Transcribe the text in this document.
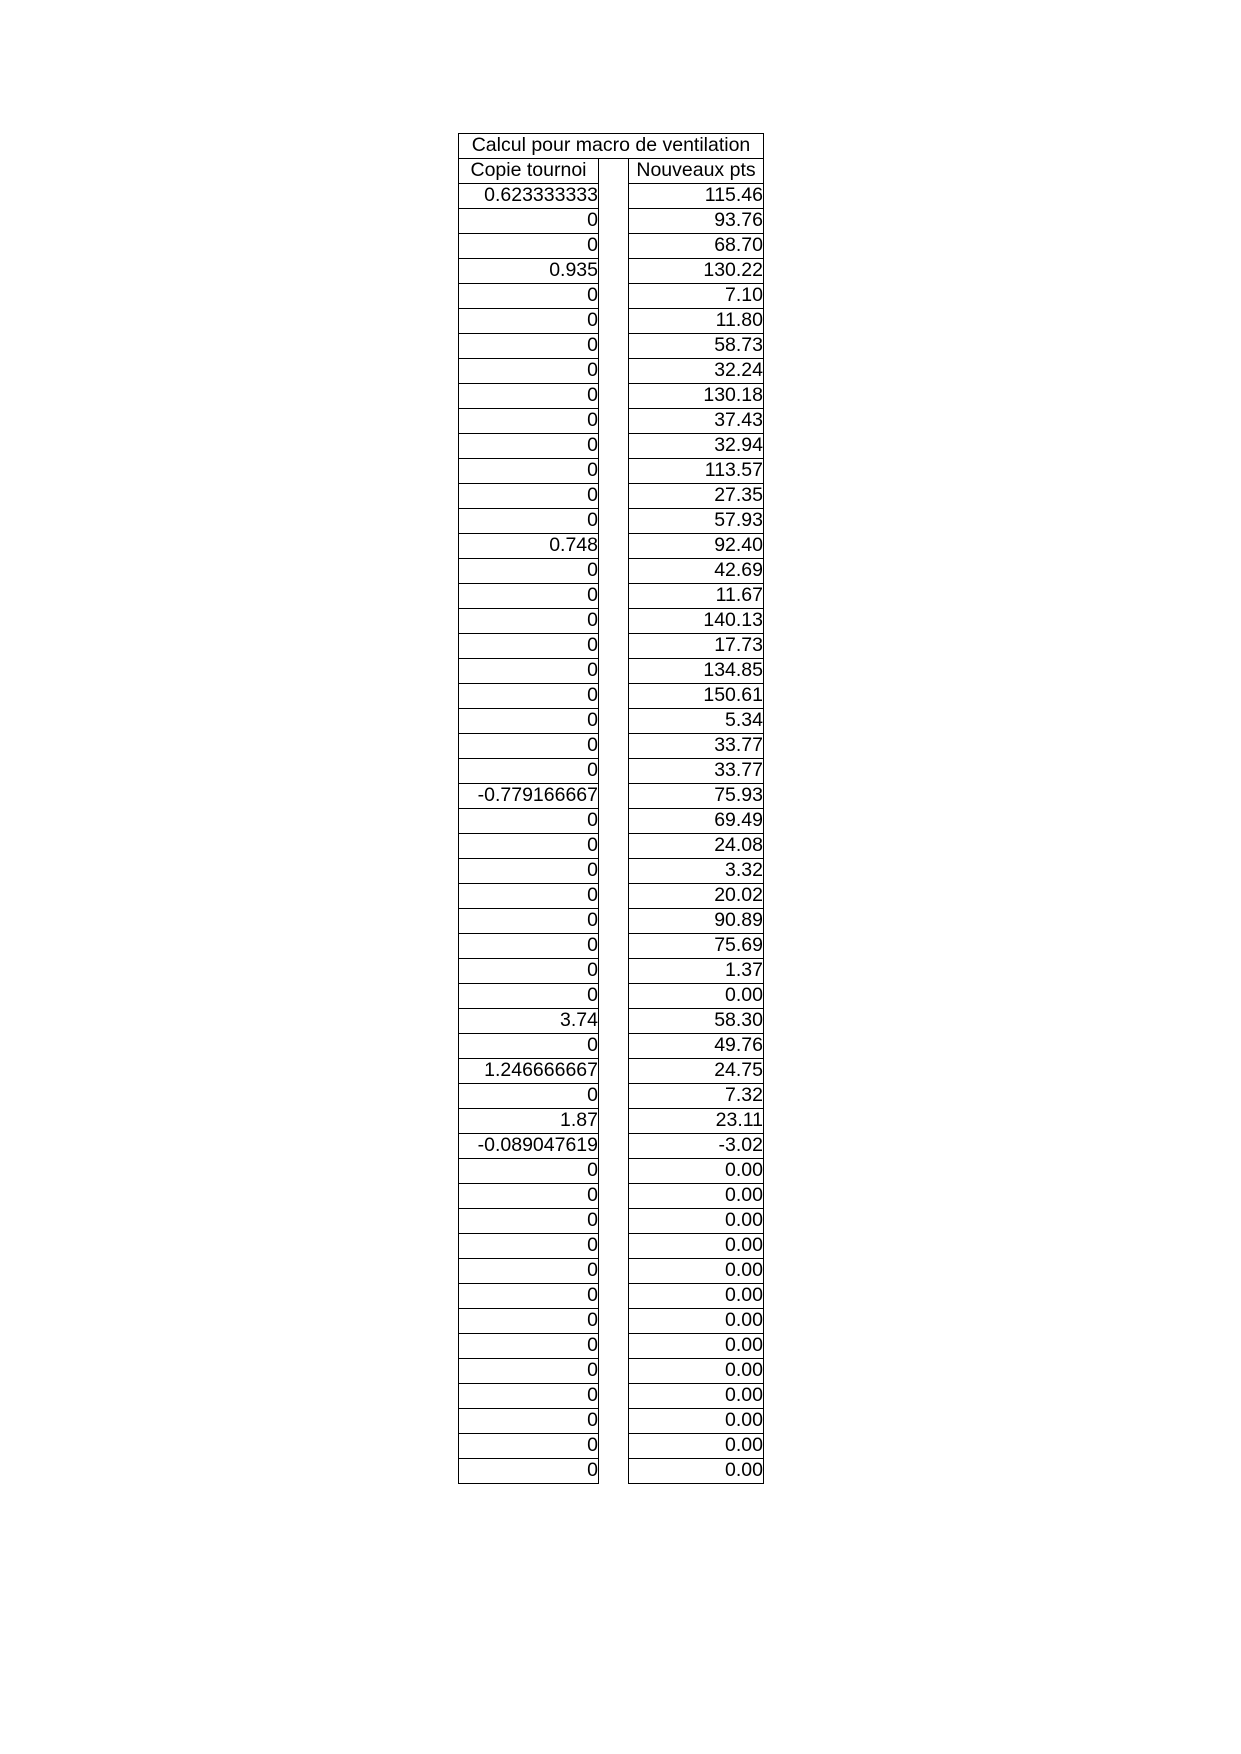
Calcul pour macro de ventilation		
Copie tournoi		Nouveaux pts
0.623333333		115.46
0		93.76
0		68.70
0.935		130.22
0		7.10
0		11.80
0		58.73
0		32.24
0		130.18
0		37.43
0		32.94
0		113.57
0		27.35
0		57.93
0.748		92.40
0		42.69
0		11.67
0		140.13
0		17.73
0		134.85
0		150.61
0		5.34
0		33.77
0		33.77
-0.779166667		75.93
0		69.49
0		24.08
0		3.32
0		20.02
0		90.89
0		75.69
0		1.37
0		0.00
3.74		58.30
0		49.76
1.246666667		24.75
0		7.32
1.87		23.11
-0.089047619		-3.02
0		0.00
0		0.00
0		0.00
0		0.00
0		0.00
0		0.00
0		0.00
0		0.00
0		0.00
0		0.00
0		0.00
0		0.00
0		0.00
